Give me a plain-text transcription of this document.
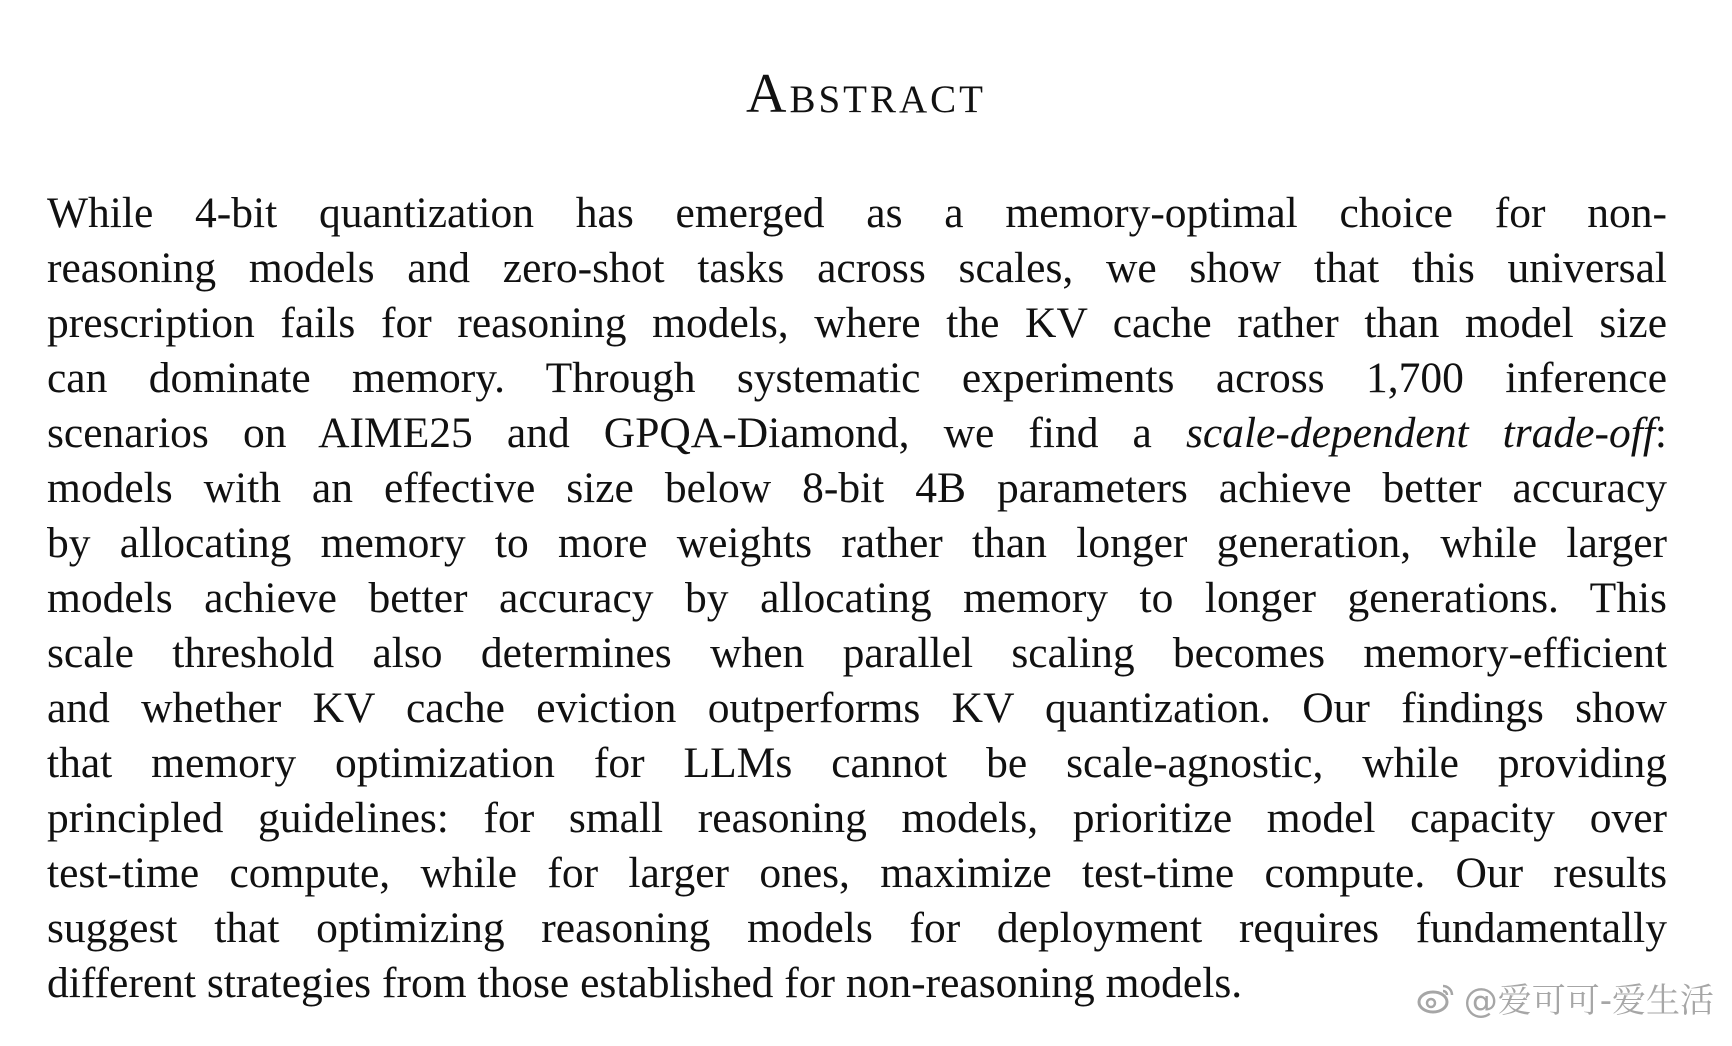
Abstract
While 4-bit quantization has emerged as a memory-optimal choice for non-
reasoning models and zero-shot tasks across scales, we show that this universal
prescription fails for reasoning models, where the KV cache rather than model size
can dominate memory. Through systematic experiments across 1,700 inference
scenarios on AIME25 and GPQA-Diamond, we find a scale-dependent trade-off:
models with an effective size below 8-bit 4B parameters achieve better accuracy
by allocating memory to more weights rather than longer generation, while larger
models achieve better accuracy by allocating memory to longer generations. This
scale threshold also determines when parallel scaling becomes memory-efficient
and whether KV cache eviction outperforms KV quantization. Our findings show
that memory optimization for LLMs cannot be scale-agnostic, while providing
principled guidelines: for small reasoning models, prioritize model capacity over
test-time compute, while for larger ones, maximize test-time compute. Our results
suggest that optimizing reasoning models for deployment requires fundamentally
different strategies from those established for non-reasoning models.	@爱可可-爱生活
